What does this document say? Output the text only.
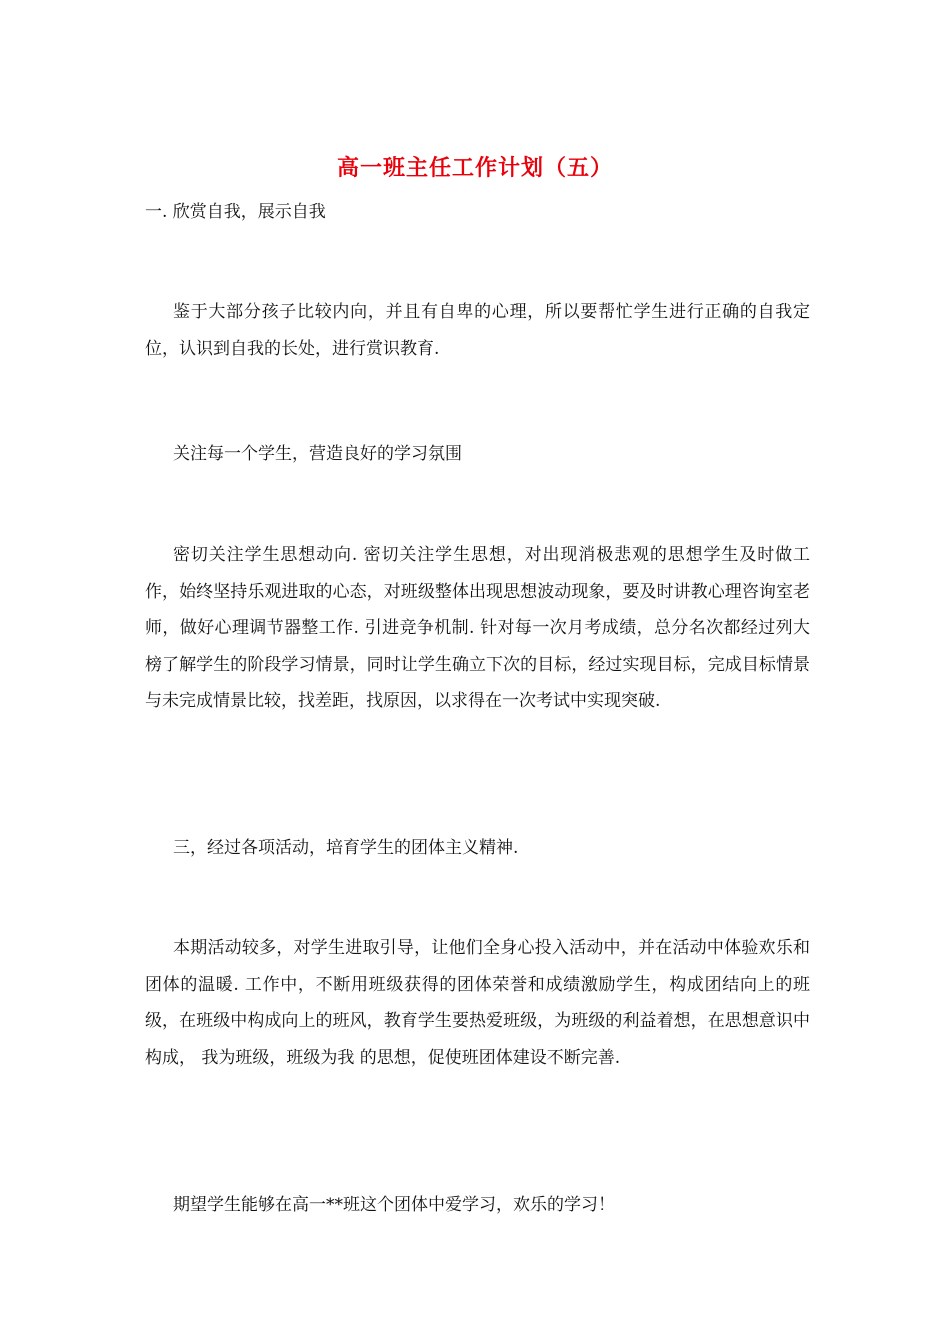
高一班主任工作计划（五）

一. 欣赏自我，展示自我

鉴于大部分孩子比较内向，并且有自卑的心理，所以要帮忙学生进行正确的自我定位，认识到自我的长处，进行赏识教育.

关注每一个学生，营造良好的学习氛围

密切关注学生思想动向. 密切关注学生思想，对出现消极悲观的思想学生及时做工作，始终坚持乐观进取的心态，对班级整体出现思想波动现象，要及时讲教心理咨询室老师，做好心理调节器整工作. 引进竞争机制. 针对每一次月考成绩，总分名次都经过列大榜了解学生的阶段学习情景，同时让学生确立下次的目标，经过实现目标，完成目标情景与未完成情景比较，找差距，找原因，以求得在一次考试中实现突破.

三，经过各项活动，培育学生的团体主义精神.

本期活动较多，对学生进取引导，让他们全身心投入活动中，并在活动中体验欢乐和团体的温暖. 工作中，不断用班级获得的团体荣誉和成绩激励学生，构成团结向上的班级，在班级中构成向上的班风，教育学生要热爱班级，为班级的利益着想，在思想意识中构成， 我为班级，班级为我 的思想，促使班团体建设不断完善.

期望学生能够在高一**班这个团体中爱学习，欢乐的学习！
